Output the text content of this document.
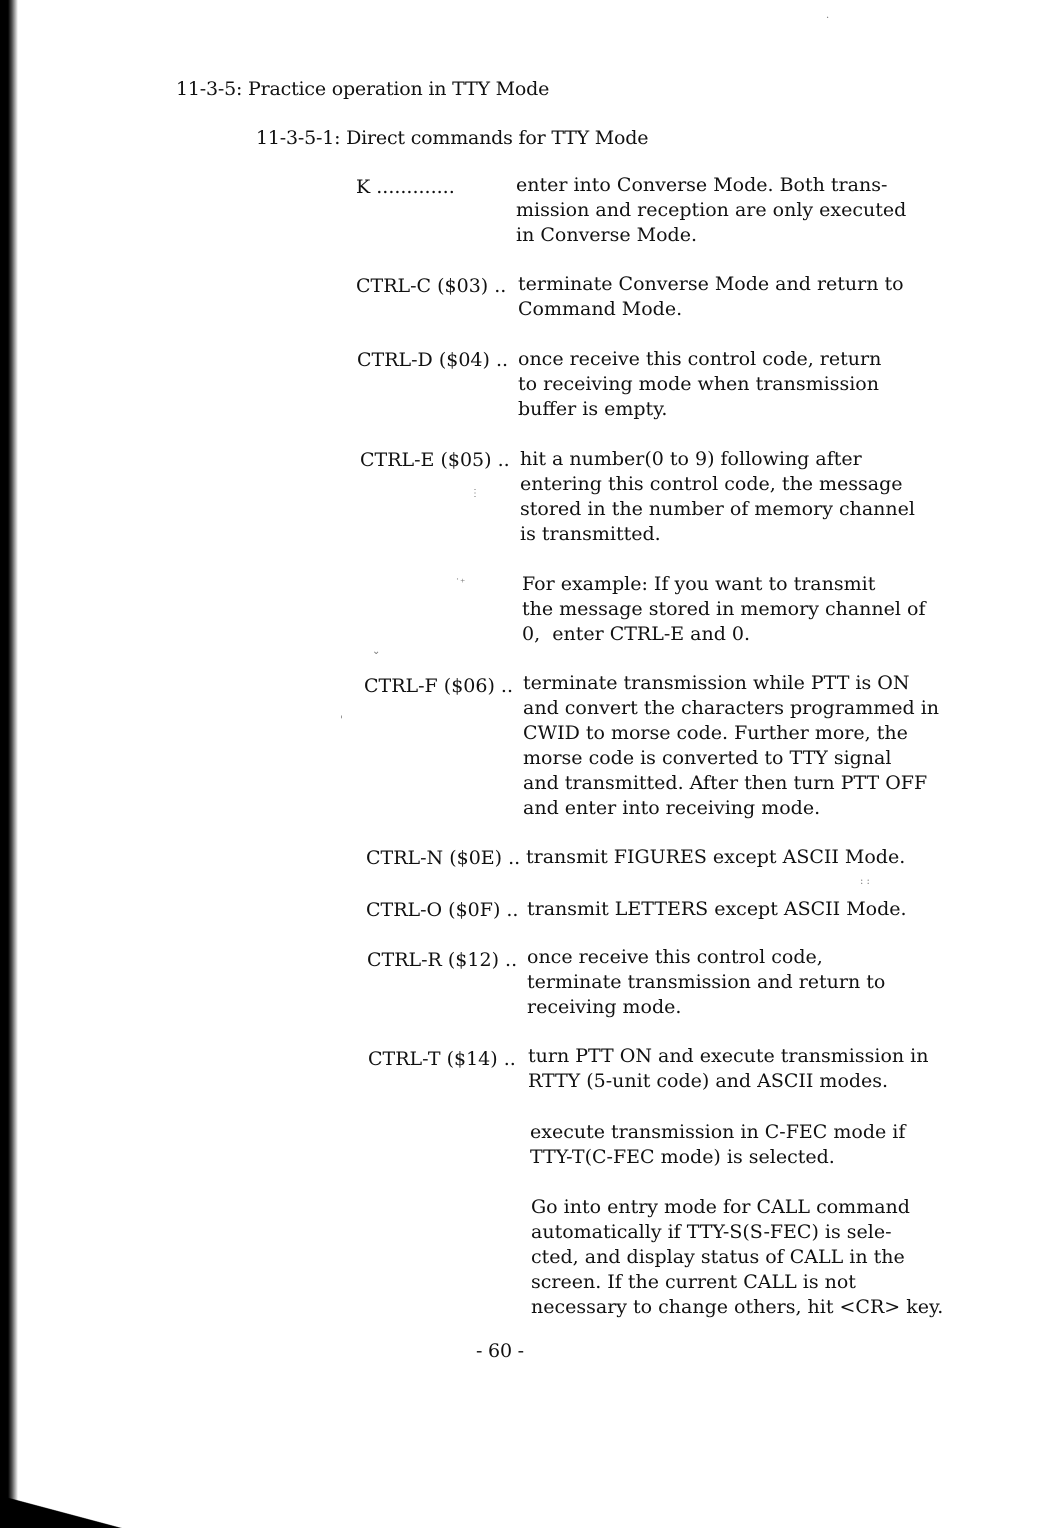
11-3-5: Practice operation in TTY Mode
11-3-5-1: Direct commands for TTY Mode
K .............	enter into Converse Mode. Both trans-
mission and reception are only executed
in Converse Mode.
CTRL-C ($03) .. terminate Converse Mode and return to
Command Mode.
CTRL-D ($04) .. once receive this control code, return
to receiving mode when transmission
buffer is empty.
CTRL-E ($05) .. hit a number(0 to 9) following after
entering this control code, the message
stored in the number of memory channel
is transmitted.
For example: If you want to transmit
the message stored in memory channel of
0,  enter CTRL-E and 0.
CTRL-F ($06) .. terminate transmission while PTT is ON
and convert the characters programmed in
CWID to morse code. Further more, the
morse code is converted to TTY signal
and transmitted. After then turn PTT OFF
and enter into receiving mode.
CTRL-N ($0E) .. transmit FIGURES except ASCII Mode.
CTRL-O ($0F) .. transmit LETTERS except ASCII Mode.
CTRL-R ($12) .. once receive this control code,
terminate transmission and return to
receiving mode.
CTRL-T ($14) .. turn PTT ON and execute transmission in
RTTY (5-unit code) and ASCII modes.
execute transmission in C-FEC mode if
TTY-T(C-FEC mode) is selected.
Go into entry mode for CALL command
automatically if TTY-S(S-FEC) is sele-
cted, and display status of CALL in the
screen. If the current CALL is not
necessary to change others, hit <CR> key.
- 60 -
⋮
˙⁺
⌄
'
.
: :
